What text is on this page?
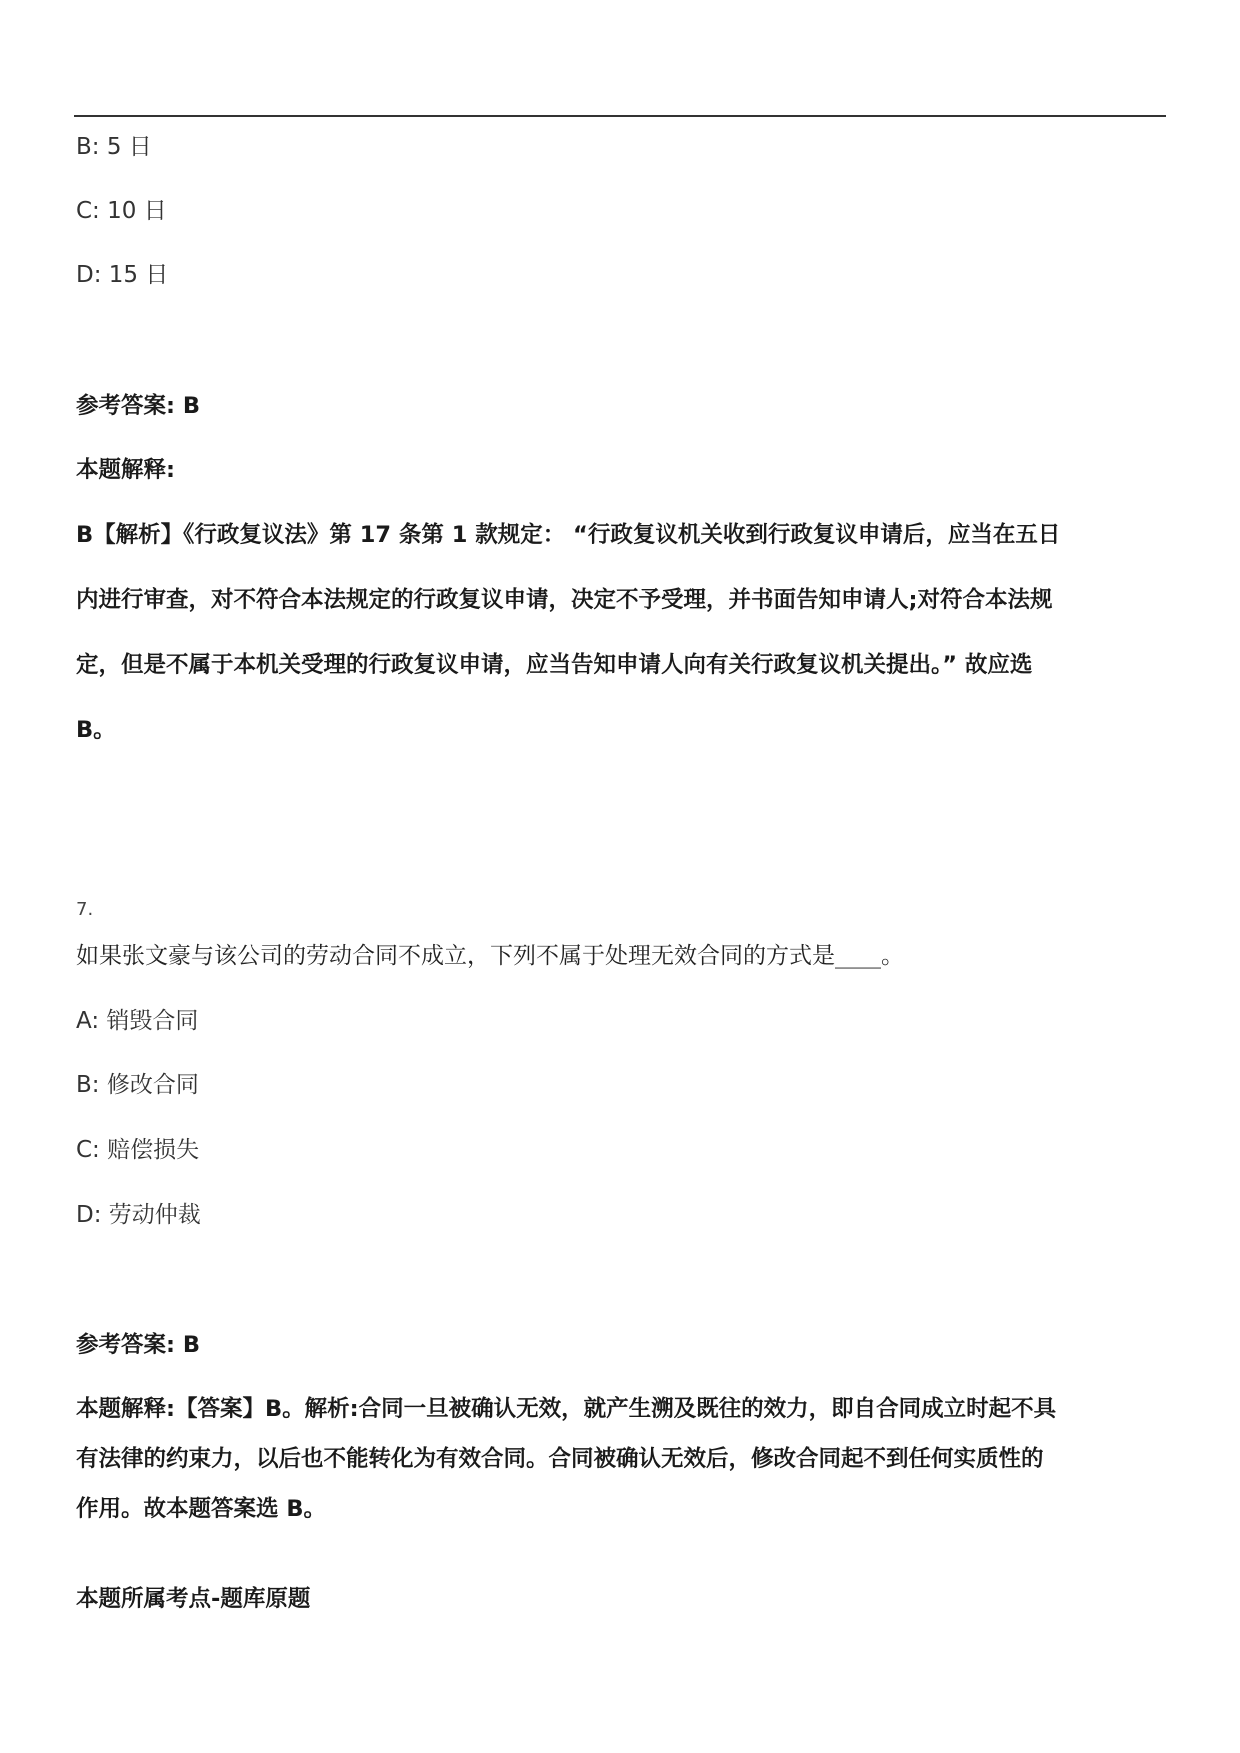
B: 5 日
C: 10 日
D: 15 日
参考答案: B
本题解释:
B【解析】《行政复议法》第 17 条第 1 款规定： “行政复议机关收到行政复议申请后，应当在五日
内进行审查，对不符合本法规定的行政复议申请，决定不予受理，并书面告知申请人;对符合本法规
定，但是不属于本机关受理的行政复议申请，应当告知申请人向有关行政复议机关提出。” 故应选
B。
7.
如果张文豪与该公司的劳动合同不成立，下列不属于处理无效合同的方式是____。
A: 销毁合同
B: 修改合同
C: 赔偿损失
D: 劳动仲裁
参考答案: B
本题解释:【答案】B。解析:合同一旦被确认无效，就产生溯及既往的效力，即自合同成立时起不具
有法律的约束力，以后也不能转化为有效合同。合同被确认无效后，修改合同起不到任何实质性的
作用。故本题答案选 B。
本题所属考点-题库原题
